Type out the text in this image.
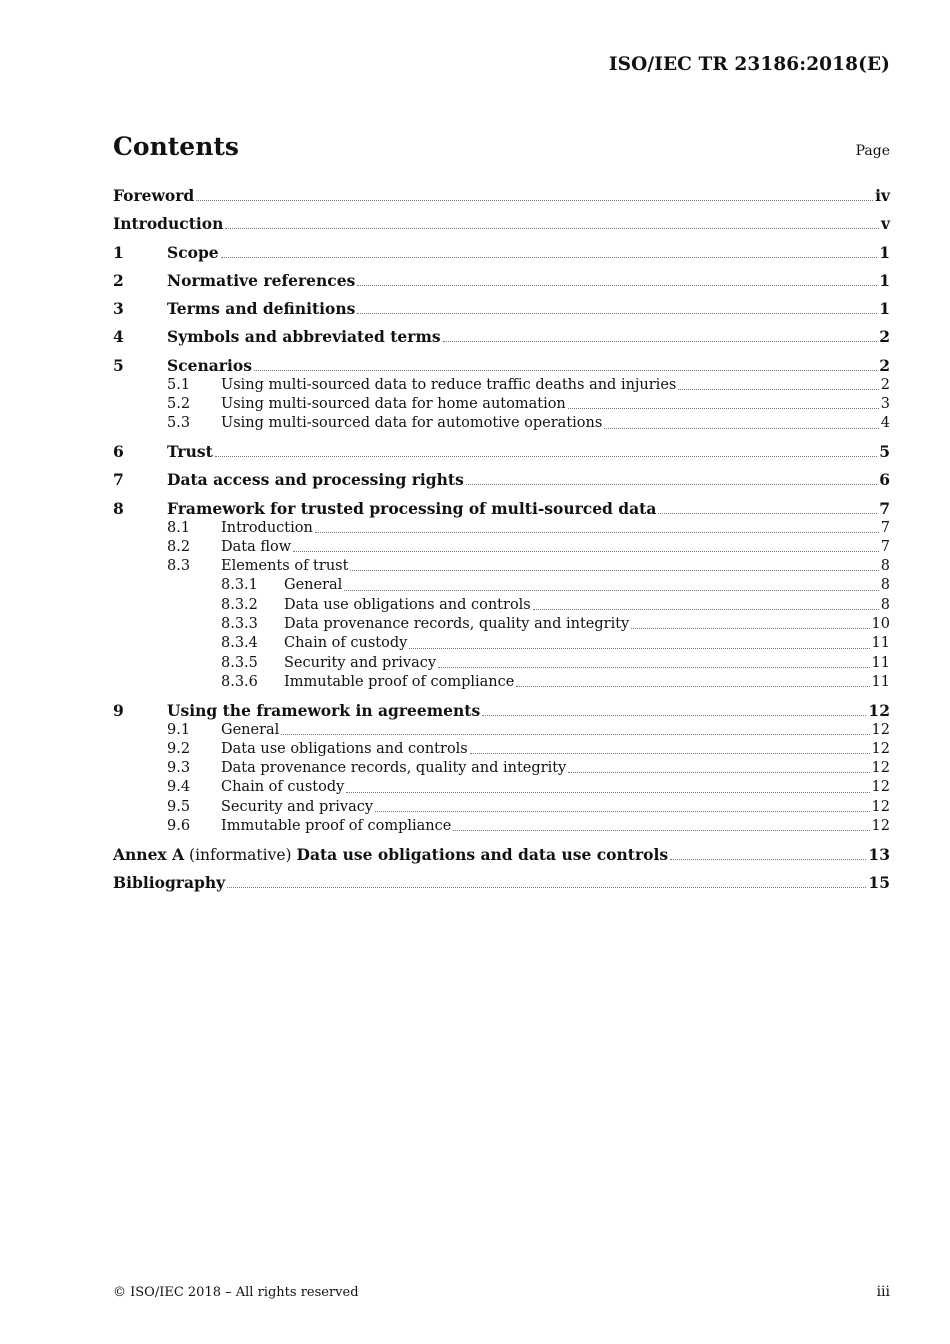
ISO/IEC TR 23186:2018(E)
Contents	Page
Foreword	iv
Introduction	v
1	Scope	1
2	Normative references	1
3	Terms and definitions	1
4	Symbols and abbreviated terms	2
5	Scenarios	2
5.1	Using multi-sourced data to reduce traffic deaths and injuries	2
5.2	Using multi-sourced data for home automation	3
5.3	Using multi-sourced data for automotive operations	4
6	Trust	5
7	Data access and processing rights	6
8	Framework for trusted processing of multi-sourced data	7
8.1	Introduction	7
8.2	Data flow	7
8.3	Elements of trust	8
8.3.1	General	8
8.3.2	Data use obligations and controls	8
8.3.3	Data provenance records, quality and integrity	10
8.3.4	Chain of custody	11
8.3.5	Security and privacy	11
8.3.6	Immutable proof of compliance	11
9	Using the framework in agreements	12
9.1	General	12
9.2	Data use obligations and controls	12
9.3	Data provenance records, quality and integrity	12
9.4	Chain of custody	12
9.5	Security and privacy	12
9.6	Immutable proof of compliance	12
Annex A (informative) Data use obligations and data use controls	13
Bibliography	15
© ISO/IEC 2018 – All rights reserved	iii
